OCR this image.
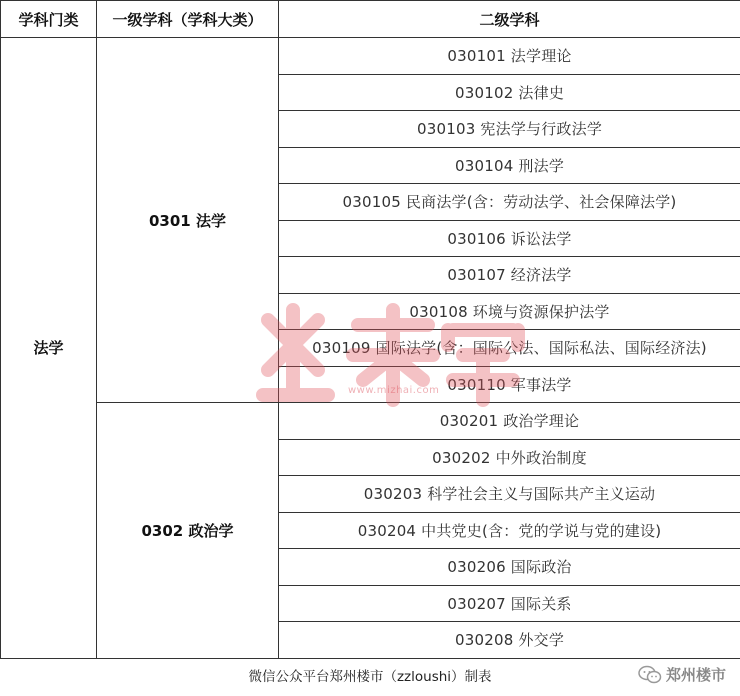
学科门类	一级学科（学科大类）	二级学科
法学	0301 法学	030101 法学理论
		030102 法律史
		030103 宪法学与行政法学
		030104 刑法学
		030105 民商法学(含：劳动法学、社会保障法学)
		030106 诉讼法学
		030107 经济法学
		030108 环境与资源保护法学
		030109 国际法学(含：国际公法、国际私法、国际经济法)
		030110 军事法学
	0302 政治学	030201 政治学理论
		030202 中外政治制度
		030203 科学社会主义与国际共产主义运动
		030204 中共党史(含：党的学说与党的建设)
		030206 国际政治
		030207 国际关系
		030208 外交学
www.mizhai.com
微信公众平台郑州楼市（zzloushi）制表	郑州楼市
